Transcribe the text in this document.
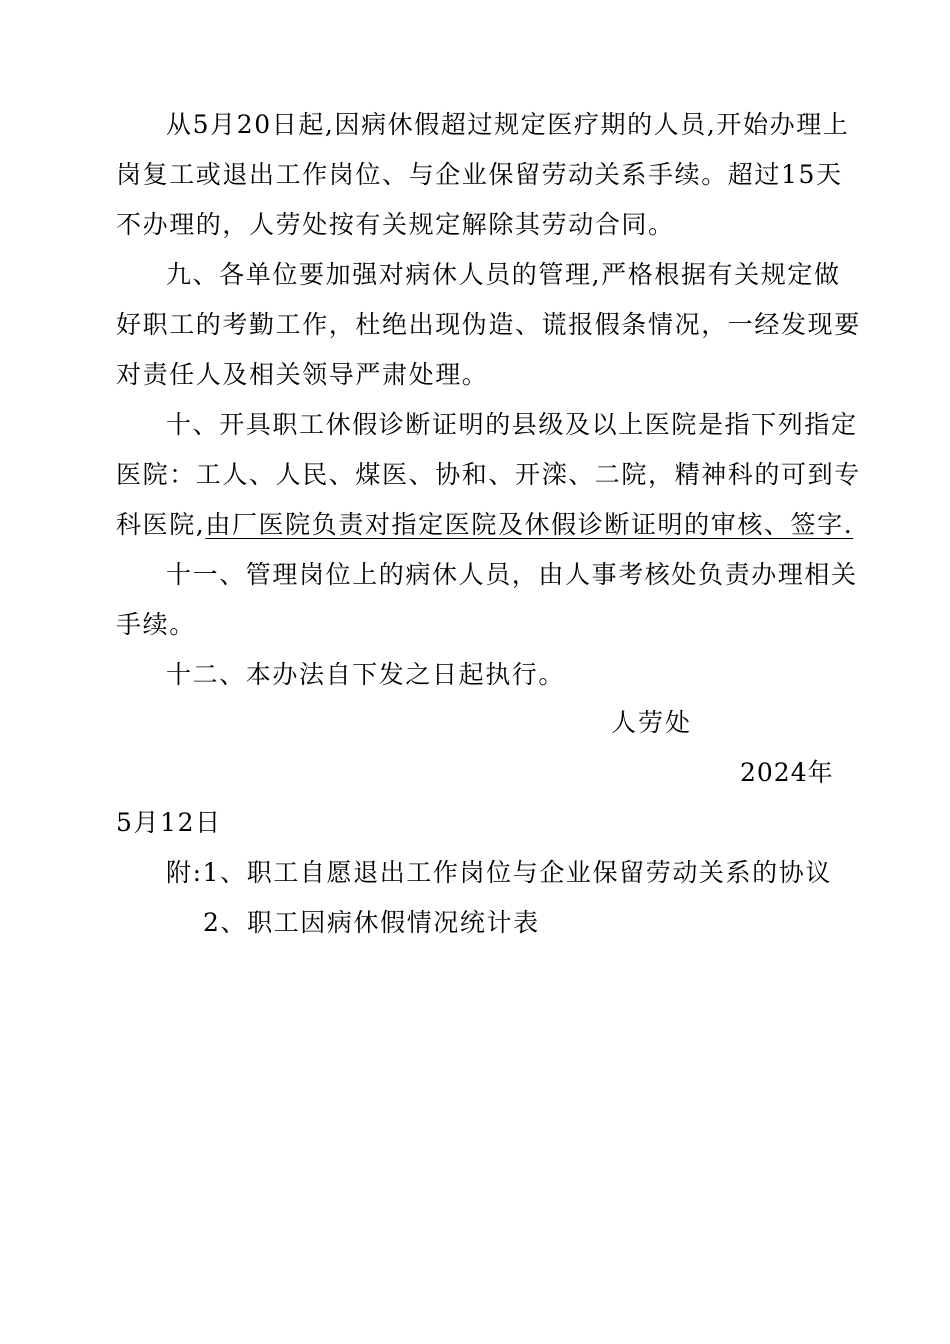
从5月20日起,因病休假超过规定医疗期的人员,开始办理上
岗复工或退出工作岗位、与企业保留劳动关系手续。超过15天
不办理的，人劳处按有关规定解除其劳动合同。
九、各单位要加强对病休人员的管理,严格根据有关规定做
好职工的考勤工作，杜绝出现伪造、谎报假条情况，一经发现要
对责任人及相关领导严肃处理。
十、开具职工休假诊断证明的县级及以上医院是指下列指定
医院：工人、人民、煤医、协和、开滦、二院，精神科的可到专
科医院,由厂医院负责对指定医院及休假诊断证明的审核、签字.
十一、管理岗位上的病休人员，由人事考核处负责办理相关
手续。
十二、本办法自下发之日起执行。
人劳处
2024年
5月12日
附:1、职工自愿退出工作岗位与企业保留劳动关系的协议
2、职工因病休假情况统计表
